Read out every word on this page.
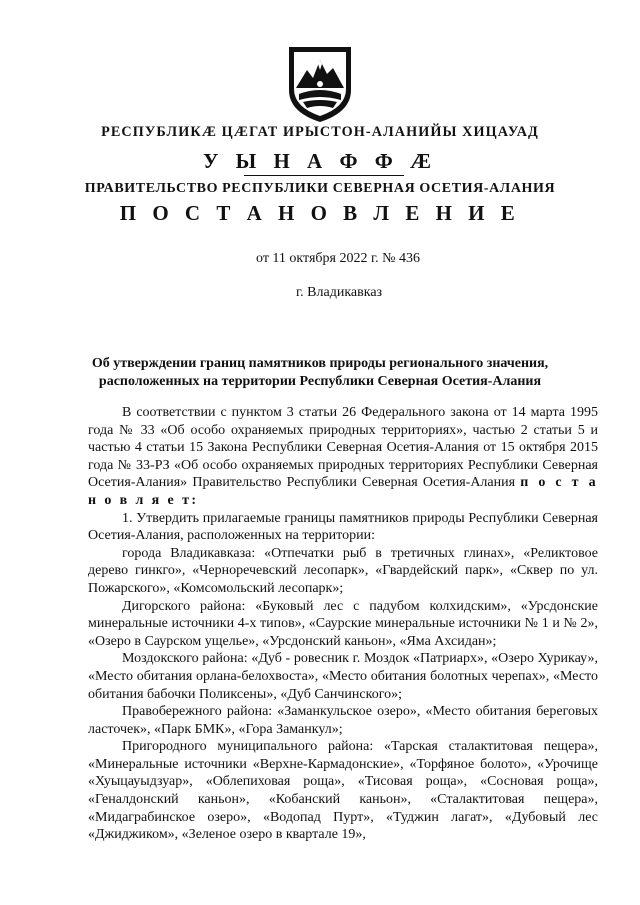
РЕСПУБЛИКӔ ЦӔГАТ ИРЫСТОН-АЛАНИЙЫ ХИЦАУАД
У Ы Н А Ф Ф Ӕ
ПРАВИТЕЛЬСТВО РЕСПУБЛИКИ СЕВЕРНАЯ ОСЕТИЯ-АЛАНИЯ
П О С Т А Н О В Л Е Н И Е
от 11 октября 2022 г. № 436
г. Владикавказ
Об утверждении границ памятников природы регионального значения, расположенных на территории Республики Северная Осетия-Алания

В соответствии с пунктом 3 статьи 26 Федерального закона от 14 марта 1995 года № 33 «Об особо охраняемых природных территориях», частью 2 статьи 5 и частью 4 статьи 15 Закона Республики Северная Осетия-Алания от 15 октября 2015 года № 33-РЗ «Об особо охраняемых природных территориях Республики Северная Осетия-Алания» Правительство Республики Северная Осетия-Алания п о с т а н о в л я е т:

1. Утвердить прилагаемые границы памятников природы Республики Северная Осетия-Алания, расположенных на территории:

города Владикавказа: «Отпечатки рыб в третичных глинах», «Реликтовое дерево гинкго», «Черноречевский лесопарк», «Гвардейский парк», «Сквер по ул. Пожарского», «Комсомольский лесопарк»;

Дигорского района: «Буковый лес с падубом колхидским», «Урсдонские минеральные источники 4-х типов», «Саурские минеральные источники № 1 и № 2», «Озеро в Саурском ущелье», «Урсдонский каньон», «Яма Ахсидан»;

Моздокского района: «Дуб - ровесник г. Моздок «Патриарх», «Озеро Хурикау», «Место обитания орлана-белохвоста», «Место обитания болотных черепах», «Место обитания бабочки Поликсены», «Дуб Санчинского»;

Правобережного района: «Заманкульское озеро», «Место обитания береговых ласточек», «Парк БМК», «Гора Заманкул»;

Пригородного муниципального района: «Тарская сталактитовая пещера», «Минеральные источники «Верхне-Кармадонские», «Торфяное болото», «Урочище «Хуыцауыдзуар», «Облепиховая роща», «Тисовая роща», «Сосновая роща», «Геналдонский каньон», «Кобанский каньон», «Сталактитовая пещера», «Мидаграбинское озеро», «Водопад Пурт», «Туджин лагат», «Дубовый лес «Джиджиком», «Зеленое озеро в квартале 19»,
